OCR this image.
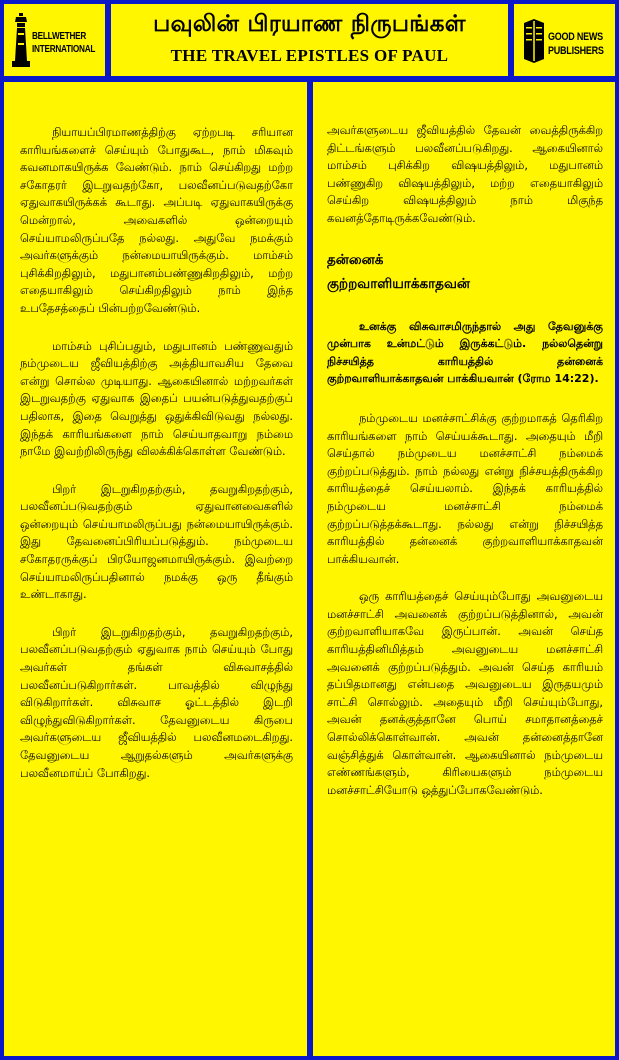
BELLWETHER
INTERNATIONAL
பவுலின் பிரயாண நிருபங்கள்
THE TRAVEL EPISTLES OF PAUL
GOOD NEWS
PUBLISHERS

நியாயப்பிரமாணத்திற்கு ஏற்றபடி சரியான காரியங்களைச் செய்யும் போதுகூட, நாம் மிகவும் கவனமாகயிருக்க வேண்டும். நாம் செய்கிறது மற்ற சகோதரர் இடறுவதற்கோ, பலவீனப்படுவதற்கோ ஏதுவாகயிருக்கக் கூடாது. அப்படி ஏதுவாகயிருக்கு மென்றால், அவைகளில் ஒன்றையும் செய்யாமலிருப்பதே நல்லது. அதுவே நமக்கும் அவர்களுக்கும் நன்மையாயிருக்கும். மாம்சம் புசிக்கிறதிலும், மதுபானம்பண்ணுகிறதிலும், மற்ற எதையாகிலும் செய்கிறதிலும் நாம் இந்த உபதேசத்தைப் பின்பற்றவேண்டும்.

மாம்சம் புசிப்பதும், மதுபானம் பண்ணுவதும் நம்முடைய ஜீவியத்திற்கு அத்தியாவசிய தேவை என்று சொல்ல முடியாது. ஆகையினால் மற்றவர்கள் இடறுவதற்கு ஏதுவாக இதைப் பயன்படுத்துவதற்குப் பதிலாக, இதை வெறுத்து ஒதுக்கிவிடுவது நல்லது. இந்தக் காரியங்களை நாம் செய்யாதவாறு நம்மை நாமே இவற்றிலிருந்து விலக்கிக்கொள்ள வேண்டும்.

பிறர் இடறுகிறதற்கும், தவறுகிறதற்கும், பலவீனப்படுவதற்கும் ஏதுவானவைகளில் ஒன்றையும் செய்யாமலிருப்பது நன்மையாயிருக்கும். இது தேவனைப்பிரியப்படுத்தும். நம்முடைய சகோதரருக்குப் பிரயோஜனமாயிருக்கும். இவற்றை செய்யாமலிருப்பதினால் நமக்கு ஒரு தீங்கும் உண்டாகாது.

பிறர் இடறுகிறதற்கும், தவறுகிறதற்கும், பலவீனப்படுவதற்கும் ஏதுவாக நாம் செய்யும் போது அவர்கள் தங்கள் விசுவாசத்தில் பலவீனப்படுகிறார்கள். பாவத்தில் விழுந்து விடுகிறார்கள். விசுவாச ஓட்டத்தில் இடறி விழுந்துவிடுகிறார்கள். தேவனுடைய கிருபை அவர்களுடைய ஜீவியத்தில் பலவீனமடைகிறது. தேவனுடைய ஆறுதல்களும் அவர்களுக்கு பலவீனமாய்ப் போகிறது.

அவர்களுடைய ஜீவியத்தில் தேவன் வைத்திருக்கிற திட்டங்களும் பலவீனப்படுகிறது. ஆகையினால் மாம்சம் புசிக்கிற விஷயத்திலும், மதுபானம் பண்ணுகிற விஷயத்திலும், மற்ற எதையாகிலும் செய்கிற விஷயத்திலும் நாம் மிகுந்த கவனத்தோடிருக்கவேண்டும்.

தன்னைக்
குற்றவாளியாக்காதவன்

உனக்கு விசுவாசமிருந்தால் அது தேவனுக்கு முன்பாக உன்மட்டும் இருக்கட்டும். நல்லதென்று நிச்சயித்த காரியத்தில் தன்னைக் குற்றவாளியாக்காதவன் பாக்கியவான் (ரோம 14:22).

நம்முடைய மனச்சாட்சிக்கு குற்றமாகத் தெரிகிற காரியங்களை நாம் செய்யக்கூடாது. அதையும் மீறி செய்தால் நம்முடைய மனச்சாட்சி நம்மைக் குற்றப்படுத்தும். நாம் நல்லது என்று நிச்சயத்திருக்கிற காரியத்தைச் செய்யலாம். இந்தக் காரியத்தில் நம்முடைய மனச்சாட்சி நம்மைக் குற்றப்படுத்தக்கூடாது. நல்லது என்று நிச்சயித்த காரியத்தில் தன்னைக் குற்றவாளியாக்காதவன் பாக்கியவான்.

ஒரு காரியத்தைச் செய்யும்போது அவனுடைய மனச்சாட்சி அவனைக் குற்றப்படுத்தினால், அவன் குற்றவாளியாகவே இருப்பான். அவன் செய்த காரியத்தினிமித்தம் அவனுடைய மனச்சாட்சி அவனைக் குற்றப்படுத்தும். அவன் செய்த காரியம் தப்பிதமானது என்பதை அவனுடைய இருதயமும் சாட்சி சொல்லும். அதையும் மீறி செய்யும்போது, அவன் தனக்குத்தானே பொய் சமாதானத்தைச் சொல்லிக்கொள்வான். அவன் தன்னைத்தானே வஞ்சித்துக் கொள்வான். ஆகையினால் நம்முடைய எண்ணங்களும், கிரியைகளும் நம்முடைய மனச்சாட்சியோடு ஒத்துப்போகவேண்டும்.
